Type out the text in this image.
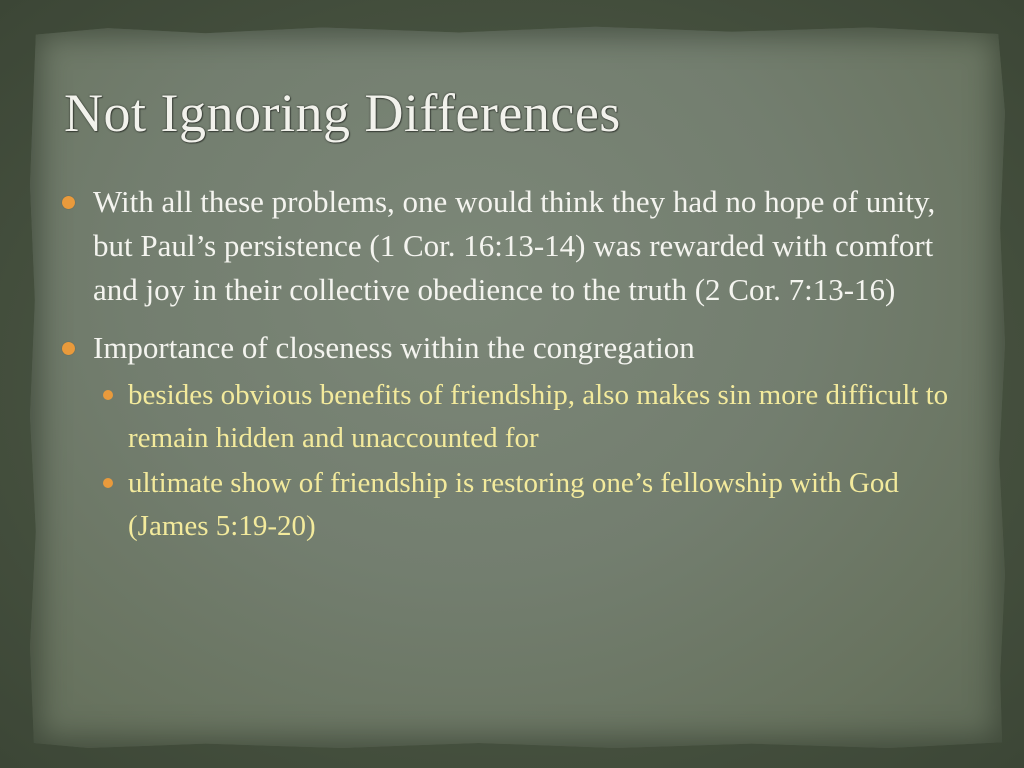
Not Ignoring Differences
With all these problems, one would think they had no hope of unity, but Paul’s persistence (1 Cor. 16:13-14) was rewarded with comfort and joy in their collective obedience to the truth (2 Cor. 7:13-16)
Importance of closeness within the congregation
besides obvious benefits of friendship, also makes sin more difficult to remain hidden and unaccounted for
ultimate show of friendship is restoring one’s fellowship with God (James 5:19-20)
